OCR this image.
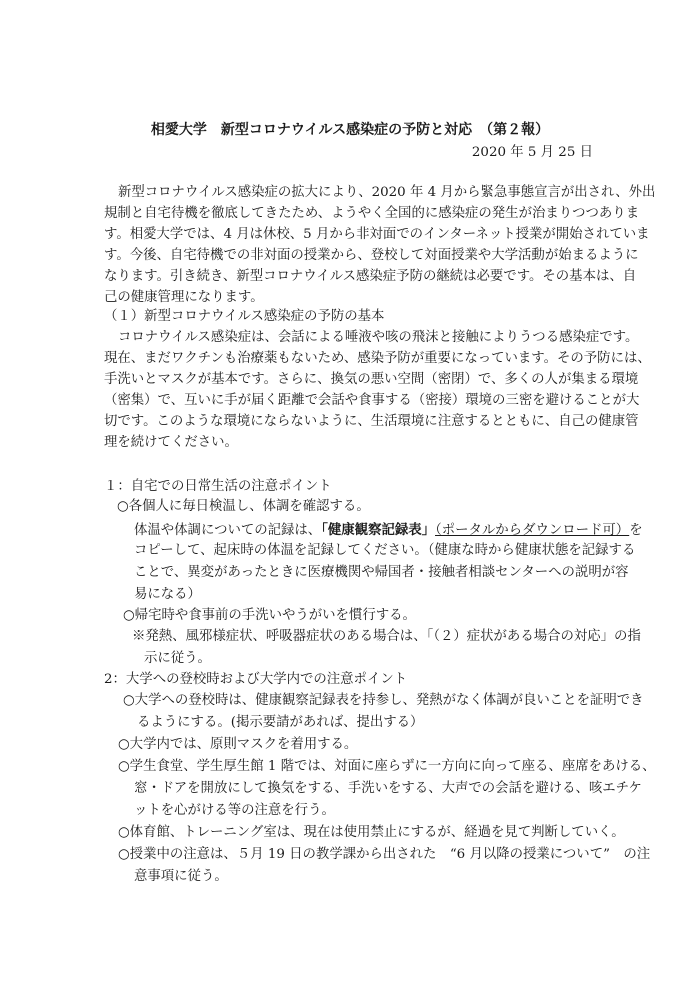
相愛大学　新型コロナウイルス感染症の予防と対応　（第２報）
2020 年 5 月 25 日
新型コロナウイルス感染症の拡大により、2020 年 4 月から緊急事態宣言が出され、外出
規制と自宅待機を徹底してきたため、ようやく全国的に感染症の発生が治まりつつありま
す。相愛大学では、4 月は休校、5 月から非対面でのインターネット授業が開始されていま
す。今後、自宅待機での非対面の授業から、登校して対面授業や大学活動が始まるように
なります。引き続き、新型コロナウイルス感染症予防の継続は必要です。その基本は、自
己の健康管理になります。
（１）新型コロナウイルス感染症の予防の基本
コロナウイルス感染症は、会話による唾液や咳の飛沫と接触によりうつる感染症です。
現在、まだワクチンも治療薬もないため、感染予防が重要になっています。その予防には、
手洗いとマスクが基本です。さらに、換気の悪い空間（密閉）で、多くの人が集まる環境
（密集）で、互いに手が届く距離で会話や食事する（密接）環境の三密を避けることが大
切です。このような環境にならないように、生活環境に注意するとともに、自己の健康管
理を続けてください。
１：自宅での日常生活の注意ポイント
○各個人に毎日検温し、体調を確認する。
体温や体調についての記録は、「健康観察記録表」（ポータルからダウンロード可）を
コピーして、起床時の体温を記録してください。（健康な時から健康状態を記録する
ことで、異変があったときに医療機関や帰国者・接触者相談センターへの説明が容
易になる）
○帰宅時や食事前の手洗いやうがいを慣行する。
※発熱、風邪様症状、呼吸器症状のある場合は、「（２）症状がある場合の対応」の指
示に従う。
2：大学への登校時および大学内での注意ポイント
○大学への登校時は、健康観察記録表を持参し、発熱がなく体調が良いことを証明でき
るようにする。(掲示要請があれば、提出する）
○大学内では、原則マスクを着用する。
○学生食堂、学生厚生館 1 階では、対面に座らずに一方向に向って座る、座席をあける、
窓・ドアを開放にして換気をする、手洗いをする、大声での会話を避ける、咳エチケ
ットを心がける等の注意を行う。
○体育館、トレーニング室は、現在は使用禁止にするが、経過を見て判断していく。
○授業中の注意は、５月 19 日の教学課から出された　“6 月以降の授業について”　の注
意事項に従う。
